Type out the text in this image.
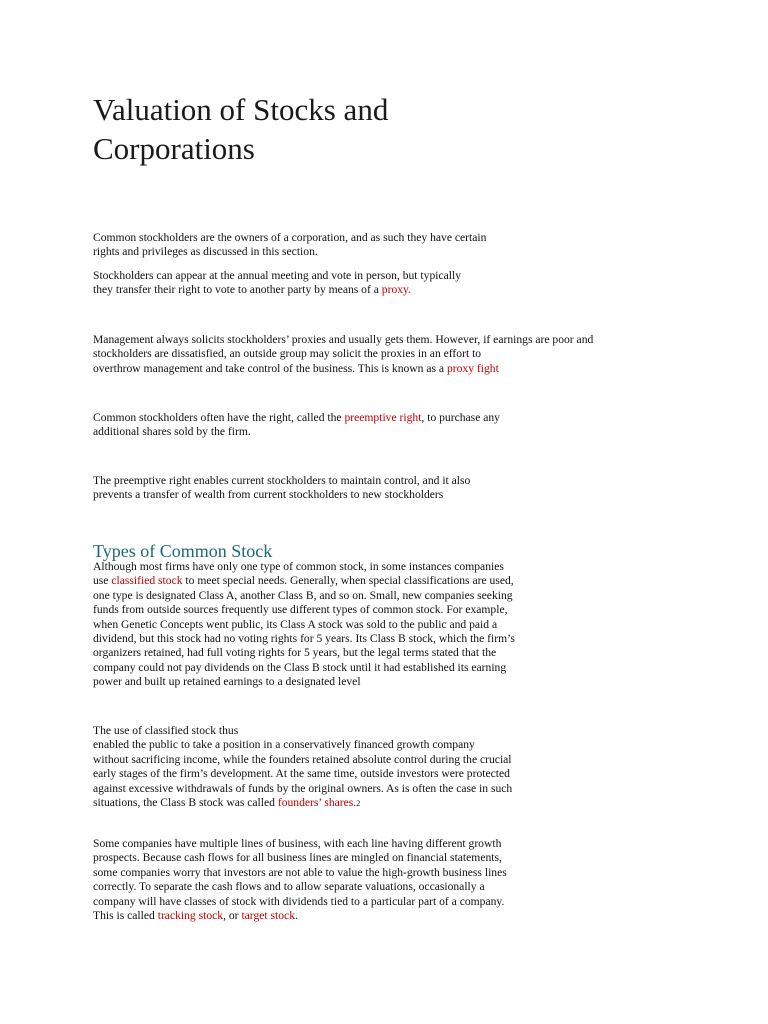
Valuation of Stocks and
Corporations

Common stockholders are the owners of a corporation, and as such they have certain
rights and privileges as discussed in this section.

Stockholders can appear at the annual meeting and vote in person, but typically
they transfer their right to vote to another party by means of a proxy.

Management always solicits stockholders’ proxies and usually gets them. However, if earnings are poor and
stockholders are dissatisfied, an outside group may solicit the proxies in an effort to
overthrow management and take control of the business. This is known as a proxy fight

Common stockholders often have the right, called the preemptive right, to purchase any
additional shares sold by the firm.

The preemptive right enables current stockholders to maintain control, and it also
prevents a transfer of wealth from current stockholders to new stockholders

Types of Common Stock

Although most firms have only one type of common stock, in some instances companies
use classified stock to meet special needs. Generally, when special classifications are used,
one type is designated Class A, another Class B, and so on. Small, new companies seeking
funds from outside sources frequently use different types of common stock. For example,
when Genetic Concepts went public, its Class A stock was sold to the public and paid a
dividend, but this stock had no voting rights for 5 years. Its Class B stock, which the firm’s
organizers retained, had full voting rights for 5 years, but the legal terms stated that the
company could not pay dividends on the Class B stock until it had established its earning
power and built up retained earnings to a designated level

The use of classified stock thus
enabled the public to take a position in a conservatively financed growth company
without sacrificing income, while the founders retained absolute control during the crucial
early stages of the firm’s development. At the same time, outside investors were protected
against excessive withdrawals of funds by the original owners. As is often the case in such
situations, the Class B stock was called founders’ shares.2

Some companies have multiple lines of business, with each line having different growth
prospects. Because cash flows for all business lines are mingled on financial statements,
some companies worry that investors are not able to value the high-growth business lines
correctly. To separate the cash flows and to allow separate valuations, occasionally a
company will have classes of stock with dividends tied to a particular part of a company.
This is called tracking stock, or target stock.
